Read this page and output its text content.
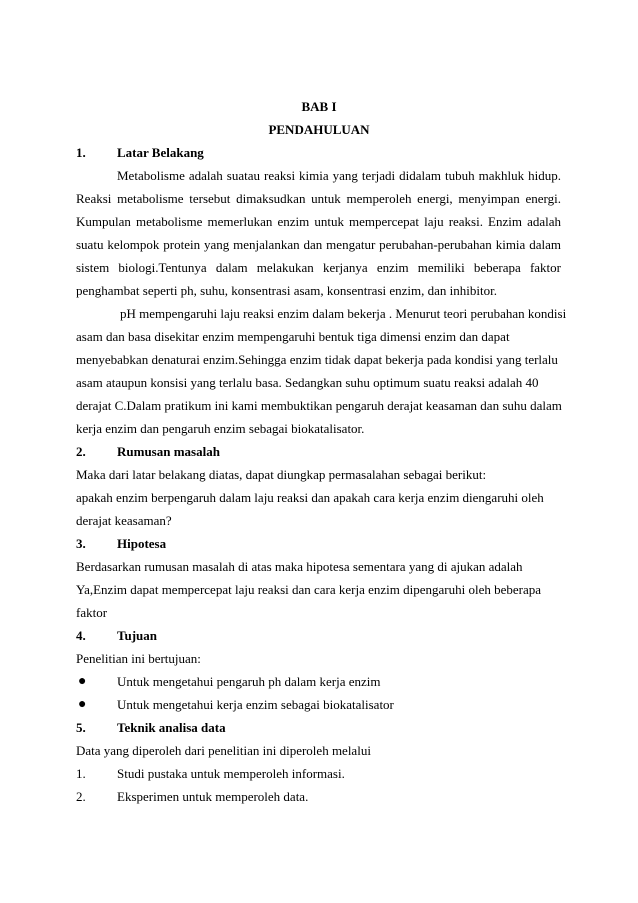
BAB I
PENDAHULUAN
1. Latar Belakang
Metabolisme adalah suatau reaksi kimia yang terjadi didalam tubuh makhluk hidup.
Reaksi metabolisme tersebut dimaksudkan untuk memperoleh energi, menyimpan energi.
Kumpulan metabolisme memerlukan enzim untuk mempercepat laju reaksi. Enzim adalah
suatu kelompok protein yang menjalankan dan mengatur perubahan-perubahan kimia dalam
sistem biologi.Tentunya dalam melakukan kerjanya enzim memiliki beberapa faktor
penghambat seperti ph, suhu, konsentrasi asam, konsentrasi enzim, dan inhibitor.
pH mempengaruhi laju reaksi enzim dalam bekerja . Menurut teori perubahan kondisi
asam dan basa disekitar enzim mempengaruhi bentuk tiga dimensi enzim dan dapat
menyebabkan denaturai enzim.Sehingga enzim tidak dapat bekerja pada kondisi yang terlalu
asam ataupun konsisi yang terlalu basa. Sedangkan suhu optimum suatu reaksi adalah 40
derajat C.Dalam pratikum ini kami membuktikan pengaruh derajat keasaman dan suhu dalam
kerja enzim dan pengaruh enzim sebagai biokatalisator.
2. Rumusan masalah
Maka dari latar belakang diatas, dapat diungkap permasalahan sebagai berikut:
apakah enzim berpengaruh dalam laju reaksi dan apakah cara kerja enzim diengaruhi oleh
derajat keasaman?
3. Hipotesa
Berdasarkan rumusan masalah di atas maka hipotesa sementara yang di ajukan adalah
Ya,Enzim dapat mempercepat laju reaksi dan cara kerja enzim dipengaruhi oleh beberapa
faktor
4. Tujuan
Penelitian ini bertujuan:
● Untuk mengetahui pengaruh ph dalam kerja enzim
● Untuk mengetahui kerja enzim sebagai biokatalisator
5. Teknik analisa data
Data yang diperoleh dari penelitian ini diperoleh melalui
1. Studi pustaka untuk memperoleh informasi.
2. Eksperimen untuk memperoleh data.
